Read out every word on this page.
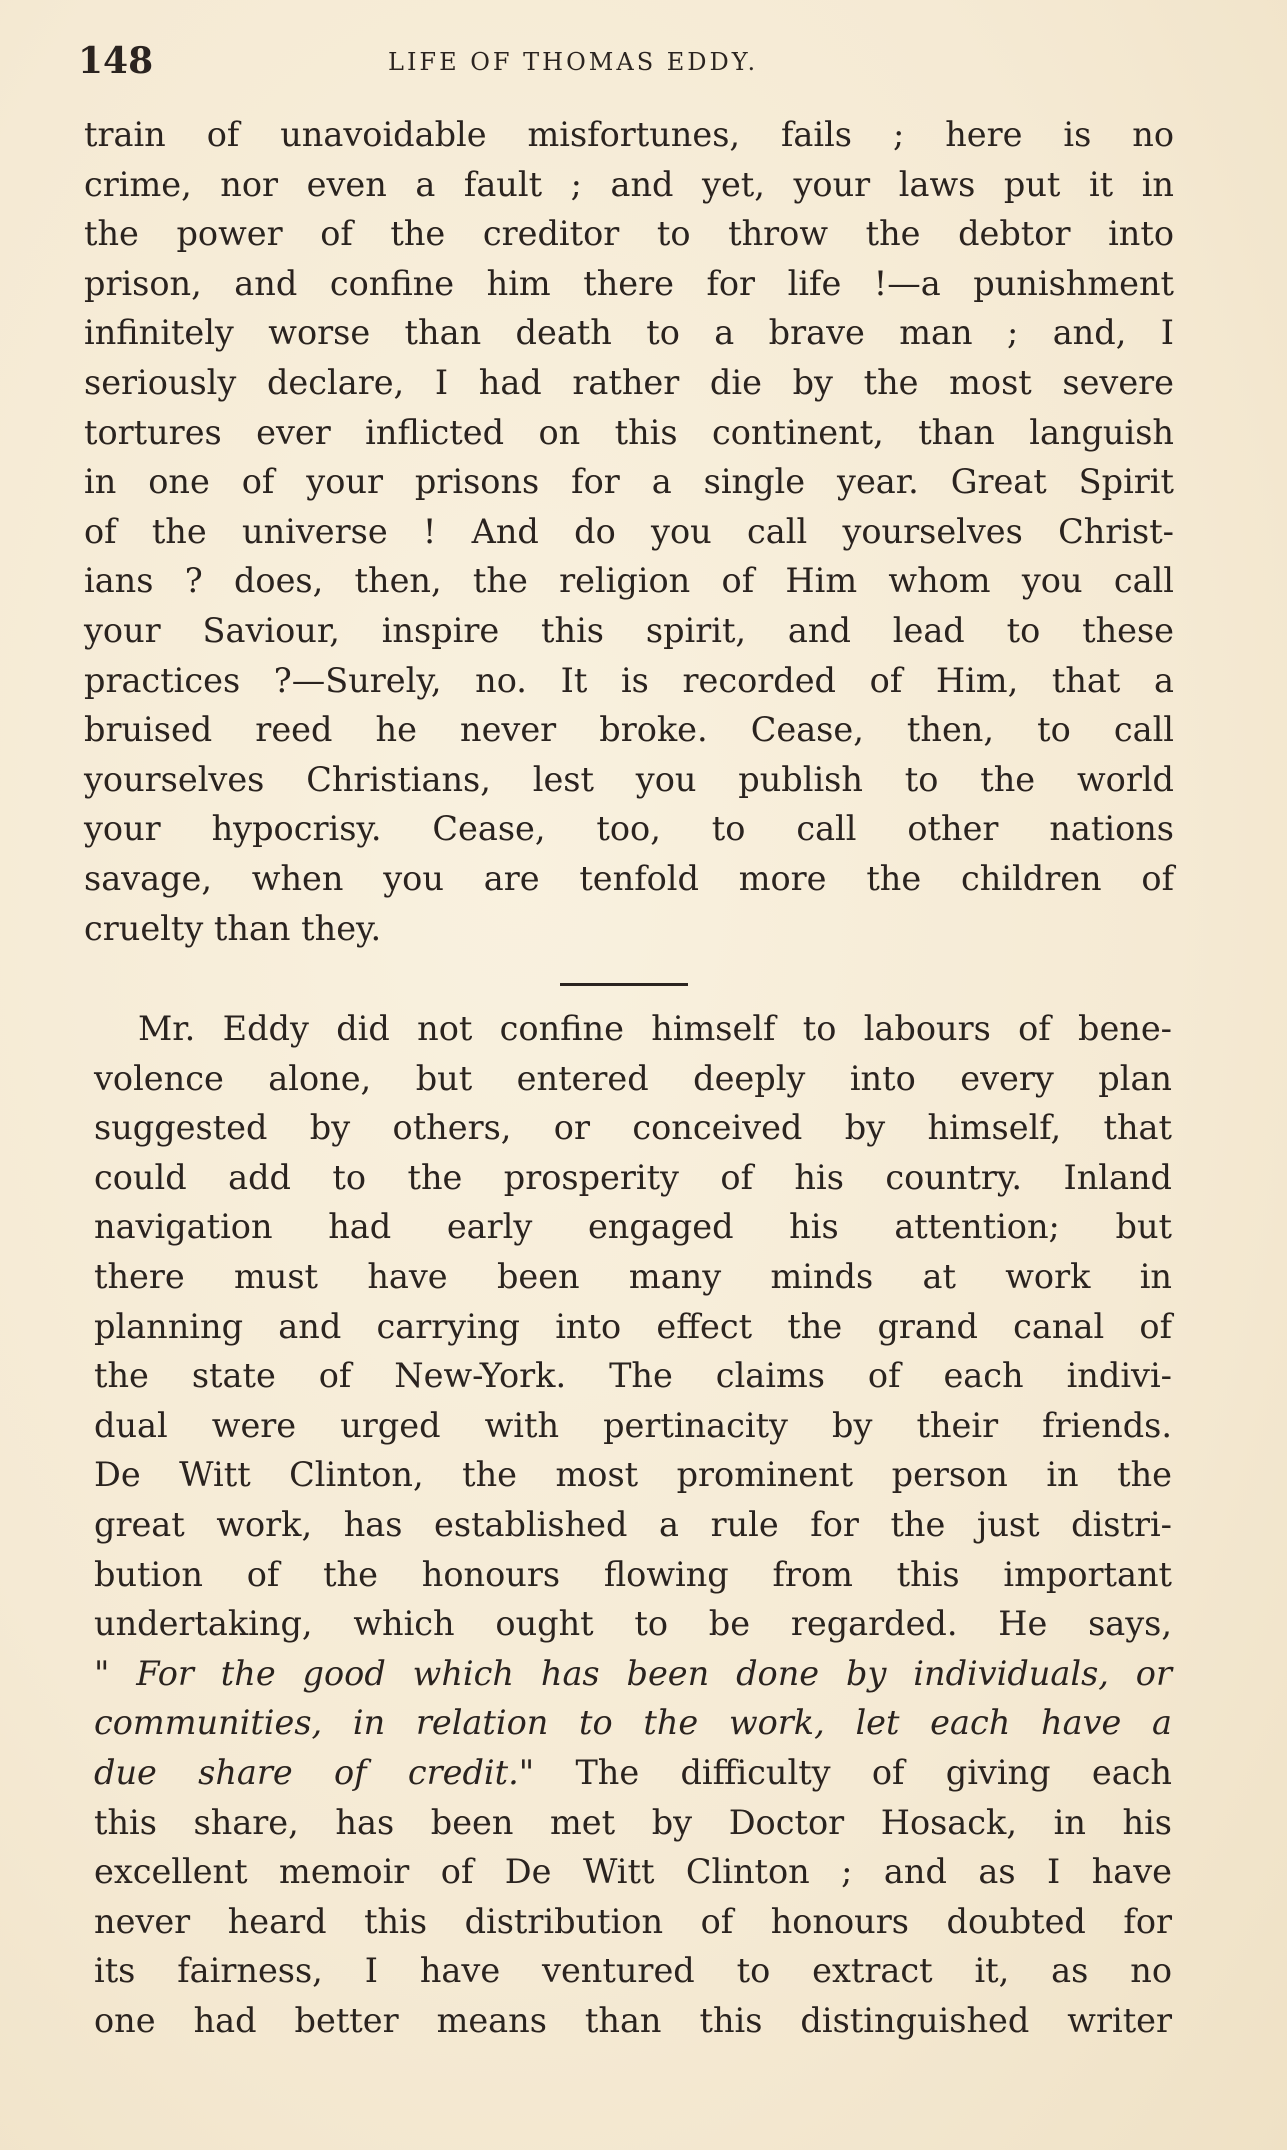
148	LIFE OF THOMAS EDDY.

train of unavoidable misfortunes, fails ; here is no
crime, nor even a fault ; and yet, your laws put it in
the power of the creditor to throw the debtor into
prison, and confine him there for life !—a punishment
infinitely worse than death to a brave man ; and, I
seriously declare, I had rather die by the most severe
tortures ever inflicted on this continent, than languish
in one of your prisons for a single year. Great Spirit
of the universe ! And do you call yourselves Christ-
ians ? does, then, the religion of Him whom you call
your Saviour, inspire this spirit, and lead to these
practices ?—Surely, no. It is recorded of Him, that a
bruised reed he never broke. Cease, then, to call
yourselves Christians, lest you publish to the world
your hypocrisy. Cease, too, to call other nations
savage, when you are tenfold more the children of
cruelty than they.

Mr. Eddy did not confine himself to labours of bene-
volence alone, but entered deeply into every plan
suggested by others, or conceived by himself, that
could add to the prosperity of his country. Inland
navigation had early engaged his attention; but
there must have been many minds at work in
planning and carrying into effect the grand canal of
the state of New-York. The claims of each indivi-
dual were urged with pertinacity by their friends.
De Witt Clinton, the most prominent person in the
great work, has established a rule for the just distri-
bution of the honours flowing from this important
undertaking, which ought to be regarded. He says,
" For the good which has been done by individuals, or
communities, in relation to the work, let each have a
due share of credit." The difficulty of giving each
this share, has been met by Doctor Hosack, in his
excellent memoir of De Witt Clinton ; and as I have
never heard this distribution of honours doubted for
its fairness, I have ventured to extract it, as no
one had better means than this distinguished writer
